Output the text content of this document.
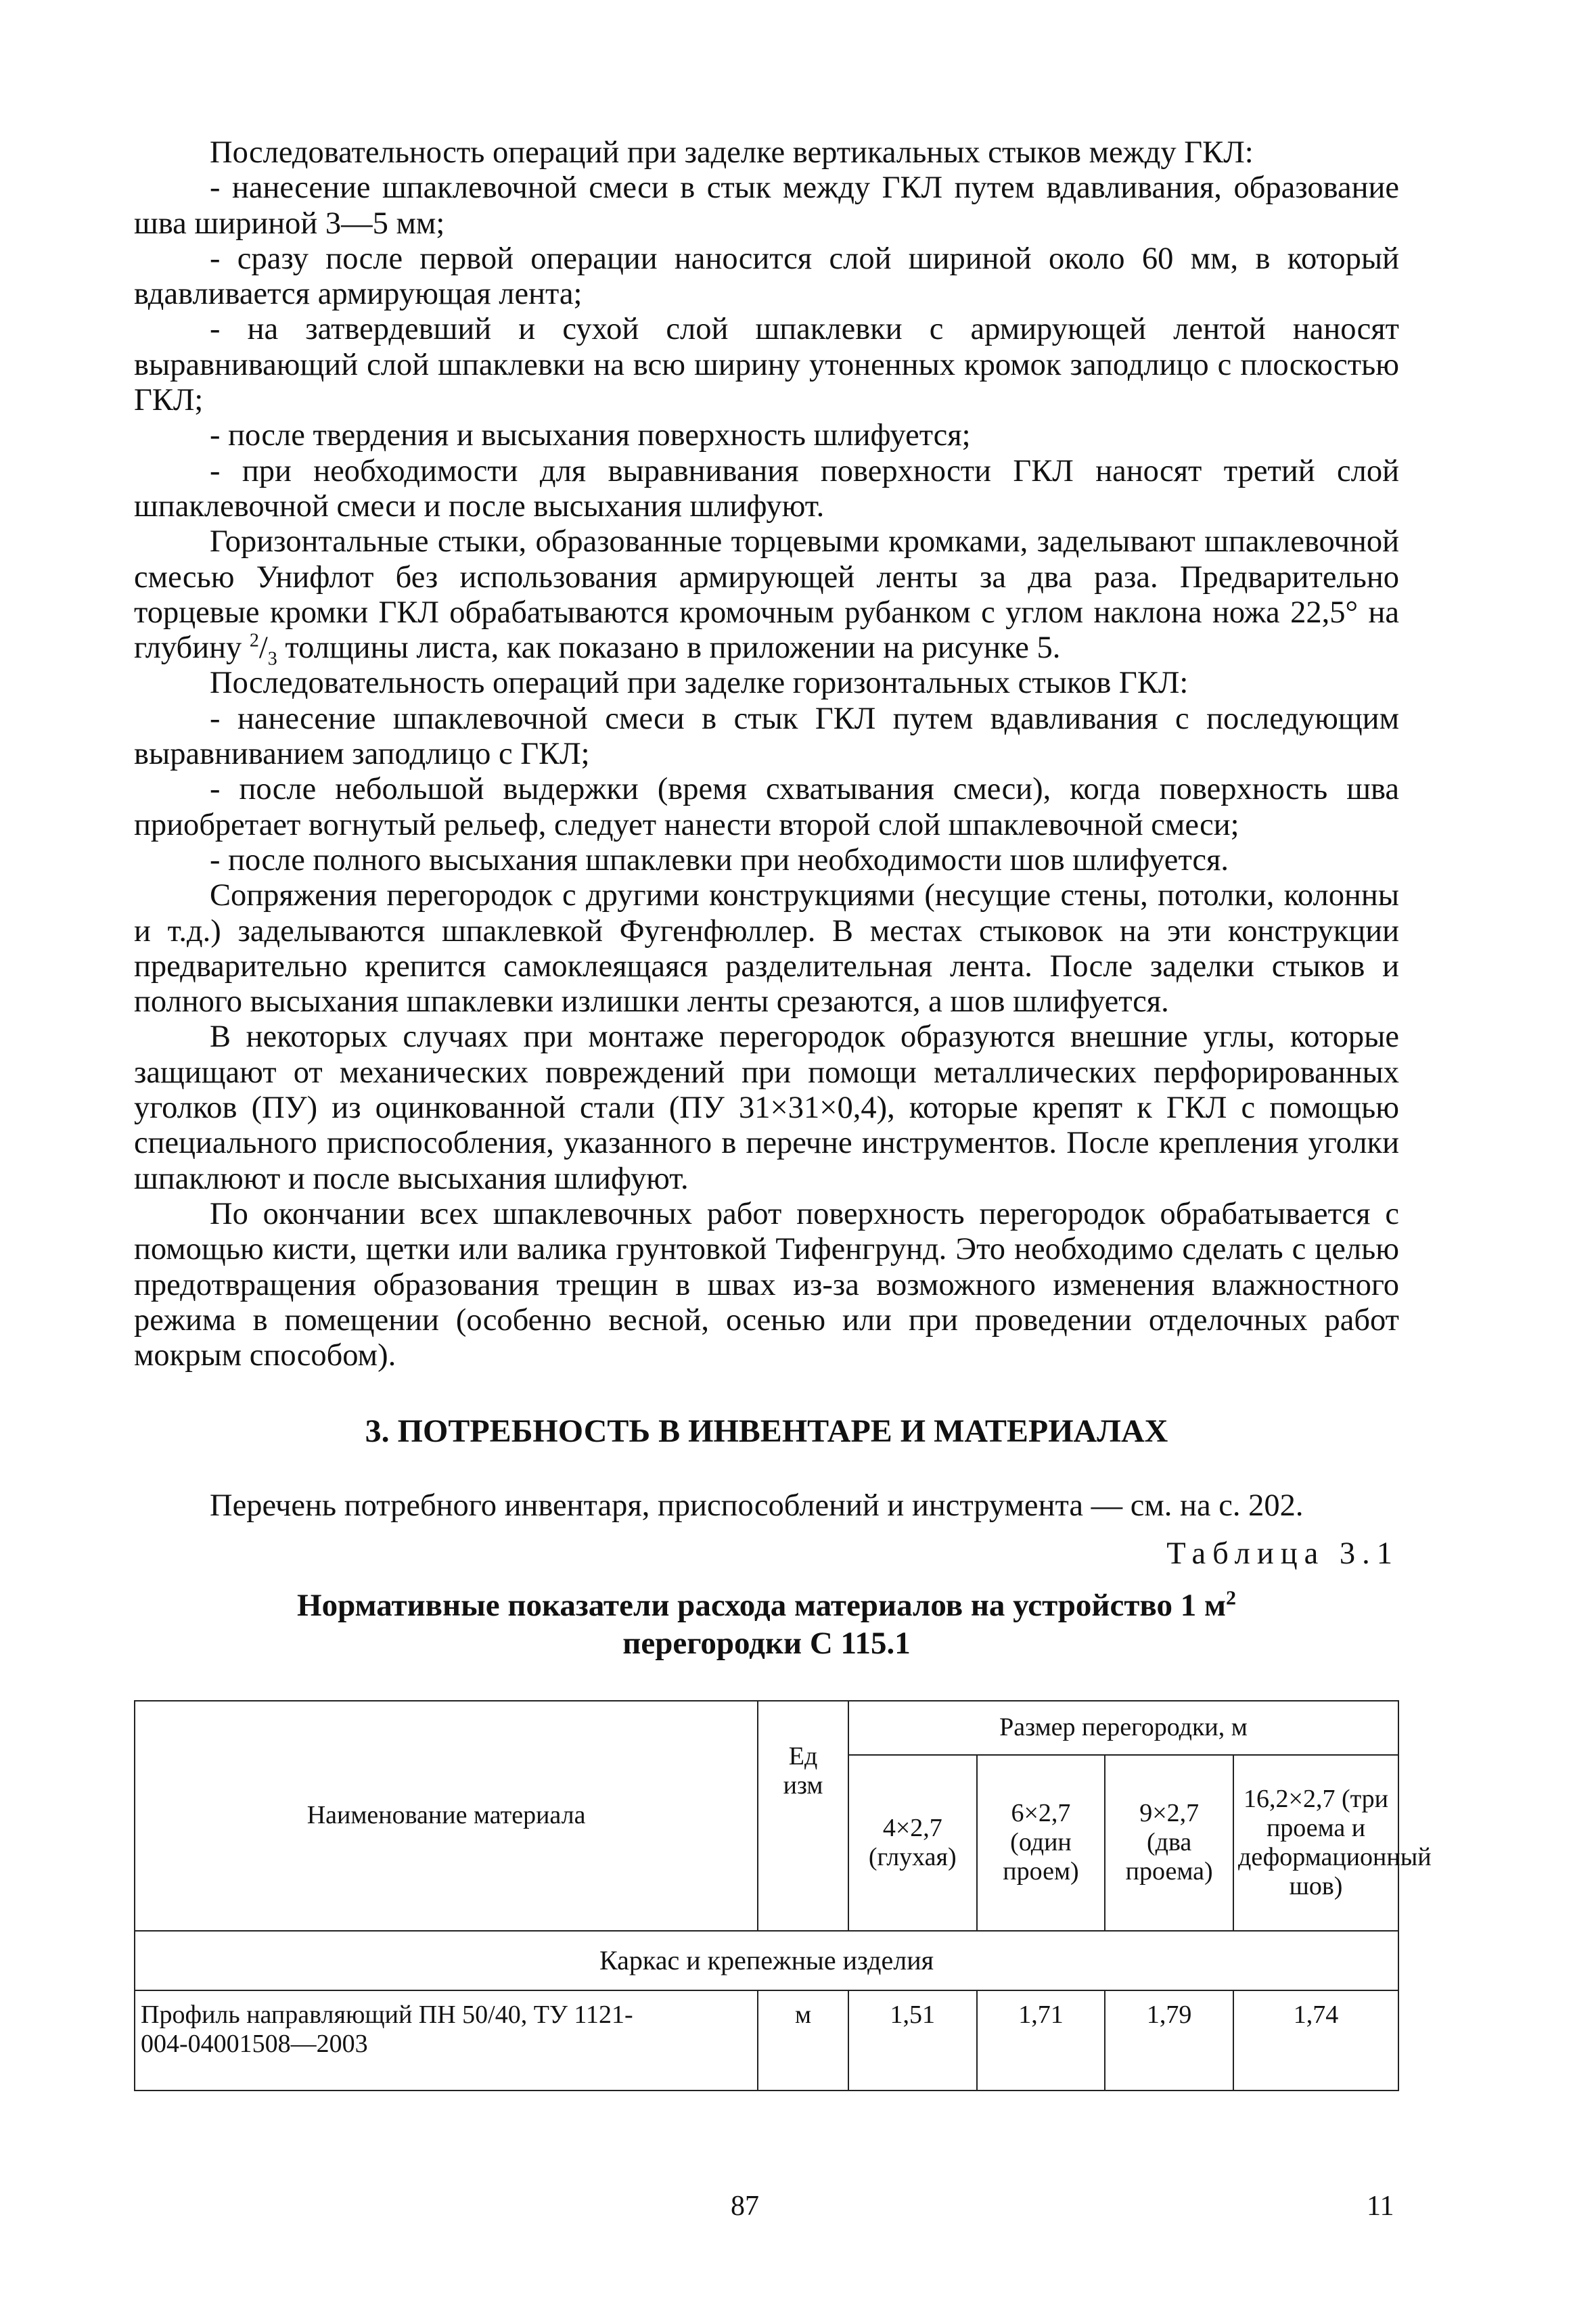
Последовательность операций при заделке вертикальных стыков между ГКЛ:

- нанесение шпаклевочной смеси в стык между ГКЛ путем вдавливания, образование шва шириной 3—5 мм;

- сразу после первой операции наносится слой шириной около 60 мм, в который вдавливается армирующая лента;

- на затвердевший и сухой слой шпаклевки с армирующей лентой наносят выравнивающий слой шпаклевки на всю ширину утоненных кромок заподлицо с плоскостью ГКЛ;

- после твердения и высыхания поверхность шлифуется;

- при необходимости для выравнивания поверхности ГКЛ наносят третий слой шпаклевочной смеси и после высыхания шлифуют.

Горизонтальные стыки, образованные торцевыми кромками, заделывают шпаклевочной смесью Унифлот без использования армирующей ленты за два раза. Предварительно торцевые кромки ГКЛ обрабатываются кромочным рубанком с углом наклона ножа 22,5° на глубину $^2/_3$ толщины листа, как показано в приложении на рисунке 5.

Последовательность операций при заделке горизонтальных стыков ГКЛ:

- нанесение шпаклевочной смеси в стык ГКЛ путем вдавливания с последующим выравниванием заподлицо с ГКЛ;

- после небольшой выдержки (время схватывания смеси), когда поверхность шва приобретает вогнутый рельеф, следует нанести второй слой шпаклевочной смеси;

- после полного высыхания шпаклевки при необходимости шов шлифуется.

Сопряжения перегородок с другими конструкциями (несущие стены, потолки, колонны и т.д.) заделываются шпаклевкой Фугенфюллер. В местах стыковок на эти конструкции предварительно крепится самоклеящаяся разделительная лента. После заделки стыков и полного высыхания шпаклевки излишки ленты срезаются, а шов шлифуется.

В некоторых случаях при монтаже перегородок образуются внешние углы, которые защищают от механических повреждений при помощи металлических перфорированных уголков (ПУ) из оцинкованной стали (ПУ 31×31×0,4), которые крепят к ГКЛ с помощью специального приспособления, указанного в перечне инструментов. После крепления уголки шпаклюют и после высыхания шлифуют.

По окончании всех шпаклевочных работ поверхность перегородок обрабатывается с помощью кисти, щетки или валика грунтовкой Тифенгрунд. Это необходимо сделать с целью предотвращения образования трещин в швах из-за возможного изменения влажностного режима в помещении (особенно весной, осенью или при проведении отделочных работ мокрым способом).

3. ПОТРЕБНОСТЬ В ИНВЕНТАРЕ И МАТЕРИАЛАХ

Перечень потребного инвентаря, приспособлений и инструмента — см. на с. 202.

Таблица 3.1

Нормативные показатели расхода материалов на устройство 1 $м^2$
перегородки С 115.1
Наименование материала	Ед изм	Размер перегородки, м			
		4×2,7 (глухая)	6×2,7 (один проем)	9×2,7 (два проема)	16,2×2,7 (три проема и деформационный шов)
Каркас и крепежные изделия					
Профиль направляющий ПН 50/40, ТУ 1121-004-04001508—2003	м	1,51	1,71	1,79	1,74
87	11
